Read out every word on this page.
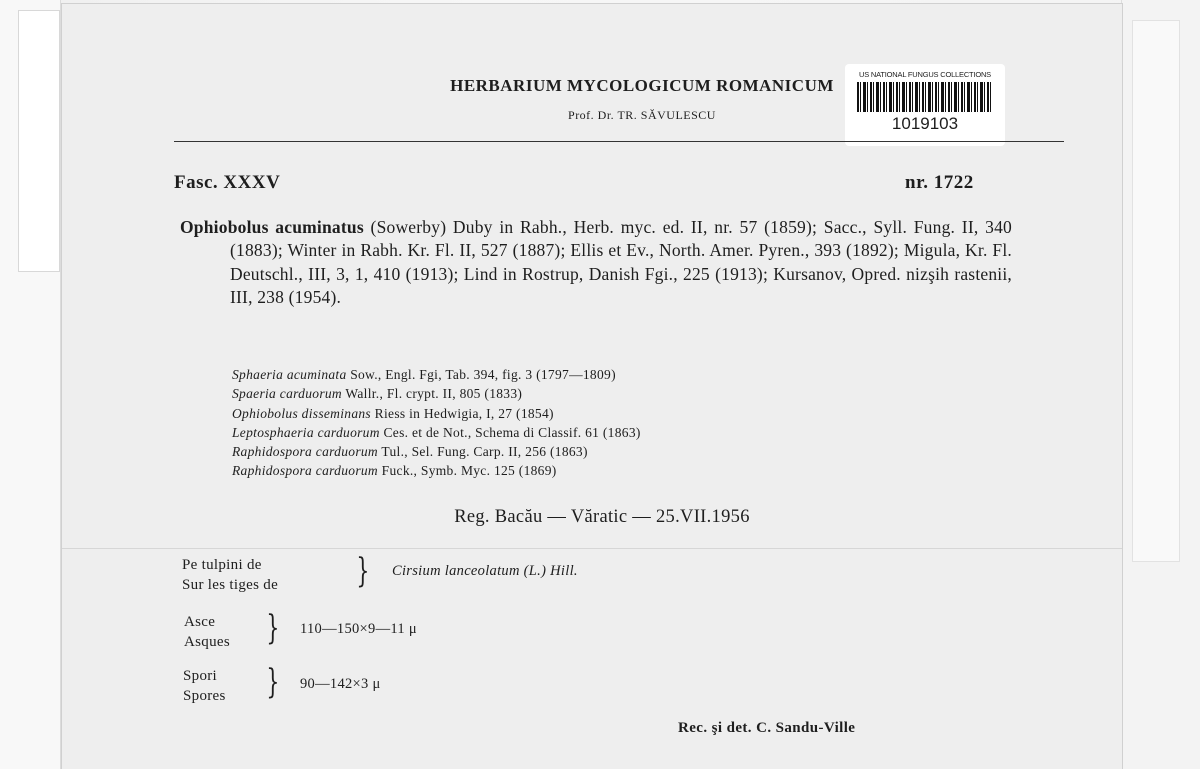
HERBARIUM MYCOLOGICUM ROMANICUM
Prof. Dr. TR. SĂVULESCU
US NATIONAL FUNGUS COLLECTIONS
1019103
Fasc. XXXV	nr. 1722
Ophiobolus acuminatus (Sowerby) Duby in Rabh., Herb. myc. ed. II, nr. 57 (1859); Sacc., Syll. Fung. II, 340 (1883); Winter in Rabh. Kr. Fl. II, 527 (1887); Ellis et Ev., North. Amer. Pyren., 393 (1892); Migula, Kr. Fl. Deutschl., III, 3, 1, 410 (1913); Lind in Rostrup, Danish Fgi., 225 (1913); Kursanov, Opred. nizşih rastenii, III, 238 (1954).
Sphaeria acuminata Sow., Engl. Fgi, Tab. 394, fig. 3 (1797—1809)
Spaeria carduorum Wallr., Fl. crypt. II, 805 (1833)
Ophiobolus disseminans Riess in Hedwigia, I, 27 (1854)
Leptosphaeria carduorum Ces. et de Not., Schema di Classif. 61 (1863)
Raphidospora carduorum Tul., Sel. Fung. Carp. II, 256 (1863)
Raphidospora carduorum Fuck., Symb. Myc. 125 (1869)
Reg. Bacău — Văratic — 25.VII.1956
Pe tulpini de
Sur les tiges de } Cirsium lanceolatum (L.) Hill.
Asce
Asques } 110—150×9—11 μ
Spori
Spores } 90—142×3 μ
Rec. şi det. C. Sandu-Ville
